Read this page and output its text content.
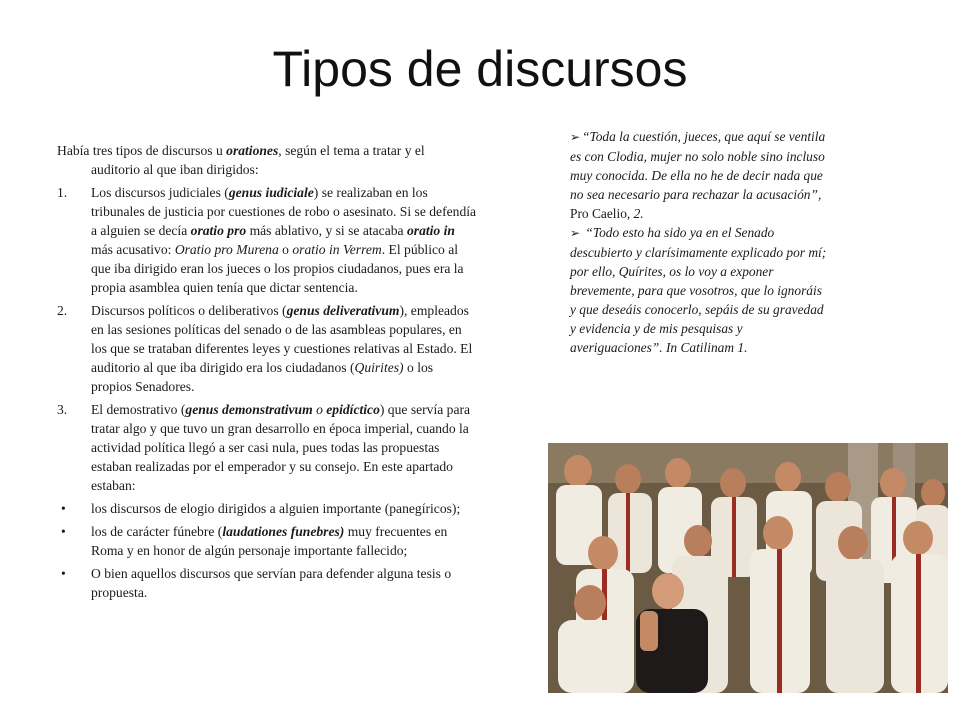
Tipos de discursos

Había tres tipos de discursos u orationes, según el tema a tratar y el auditorio al que iban dirigidos:

1.	Los discursos judiciales (genus iudiciale) se realizaban en los tribunales de justicia por cuestiones de robo o asesinato. Si se defendía a alguien se decía oratio pro más ablativo, y si se atacaba oratio in más acusativo: Oratio pro Murena o oratio in Verrem. El público al que iba dirigido eran los jueces o los propios ciudadanos, pues era la propia asamblea quien tenía que dictar sentencia.
2.	Discursos políticos o deliberativos (genus deliverativum), empleados en las sesiones políticas del senado o de las asambleas populares, en los que se trataban diferentes leyes y cuestiones relativas al Estado. El auditorio al que iba dirigido era los ciudadanos (Quirites) o los propios Senadores.
3.	El demostrativo (genus demonstrativum o epidíctico) que servía para tratar algo y que tuvo un gran desarrollo en época imperial, cuando la actividad política llegó a ser casi nula, pues todas las propuestas estaban realizadas por el emperador y su consejo. En este apartado estaban:
•	los discursos de elogio dirigidos a alguien importante (panegíricos);
•	los de carácter fúnebre (laudationes funebres) muy frecuentes en Roma y en honor de algún personaje importante fallecido;
•	O bien aquellos discursos que servían para defender alguna tesis o propuesta.
➢ “Toda la cuestión, jueces, que aquí se ventila es con Clodia, mujer no solo noble sino incluso muy conocida. De ella no he de decir nada que no sea necesario para rechazar la acusación”, Pro Caelio, 2.
➢ “Todo esto ha sido ya en el Senado descubierto y clarísimamente explicado por mí; por ello, Quírites, os lo voy a exponer brevemente, para que vosotros, que lo ignoráis y que deseáis conocerlo, sepáis de su gravedad y evidencia y de mis pesquisas y averiguaciones”. In Catilinam 1.
